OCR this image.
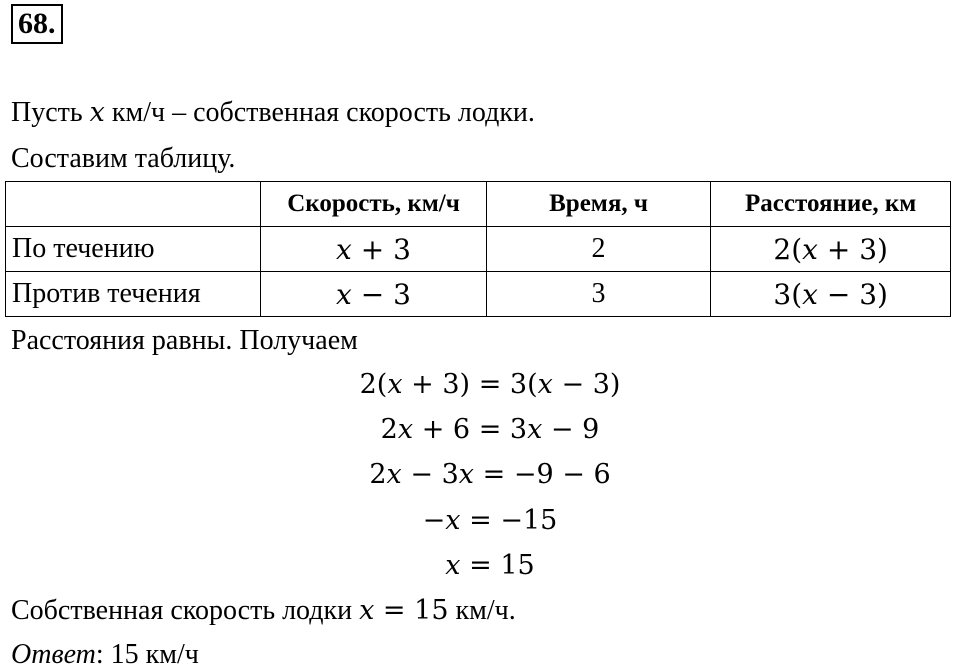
68.
Пусть x км/ч – собственная скорость лодки.
Составим таблицу.
	Скорость, км/ч	Время, ч	Расстояние, км
По течению	x + 3	2	2(x + 3)
Против течения	x − 3	3	3(x − 3)
Расстояния равны. Получаем
2(x + 3) = 3(x − 3)
2x + 6 = 3x − 9
2x − 3x = −9 − 6
−x = −15
x = 15
Собственная скорость лодки x = 15 км/ч.
Ответ: 15 км/ч
